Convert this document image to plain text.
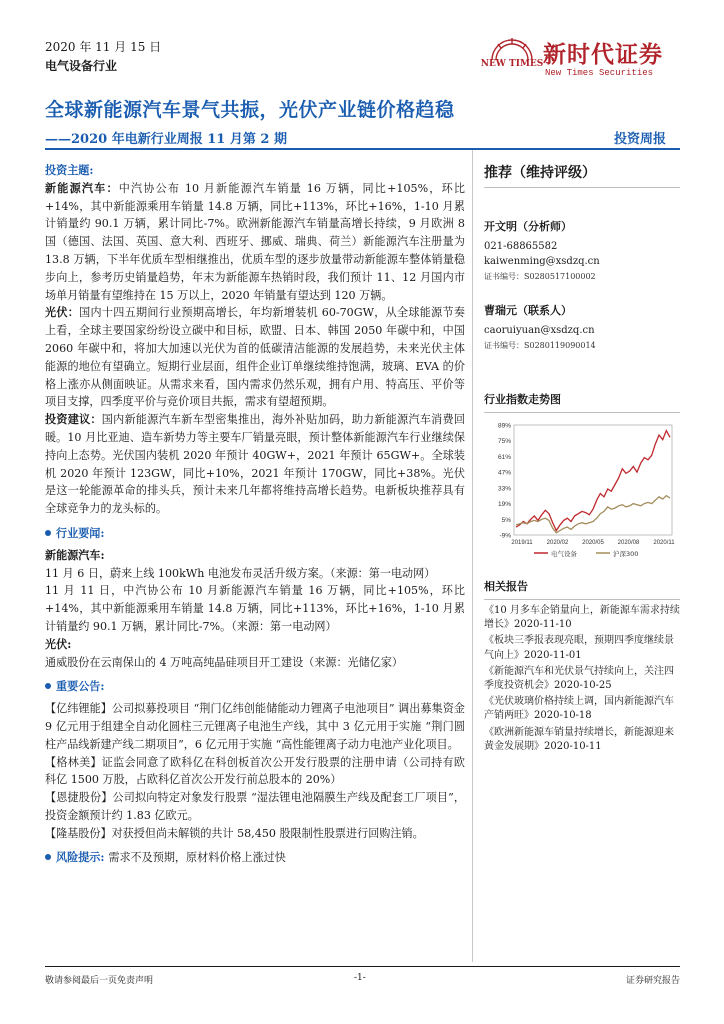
2020 年 11 月 15 日
电气设备行业	NEW TIMES 新时代证券
New Times Securities
全球新能源汽车景气共振，光伏产业链价格趋稳
——2020 年电新行业周报 11 月第 2 期	投资周报
投资主题:

新能源汽车：中汽协公布 10 月新能源汽车销量 16 万辆，同比+105%，环比+14%，其中新能源乘用车销量 14.8 万辆，同比+113%，环比+16%，1-10 月累计销量约 90.1 万辆，累计同比-7%。欧洲新能源汽车销量高增长持续，9 月欧洲 8 国（德国、法国、英国、意大利、西班牙、挪威、瑞典、荷兰）新能源汽车注册量为 13.8 万辆，下半年优质车型相继推出，优质车型的逐步放量带动新能源车整体销量稳步向上，参考历史销量趋势，年末为新能源车热销时段，我们预计 11、12 月国内市场单月销量有望维持在 15 万以上，2020 年销量有望达到 120 万辆。

光伏：国内十四五期间行业预期高增长，年均新增装机 60-70GW，从全球能源节奏上看，全球主要国家纷纷设立碳中和目标，欧盟、日本、韩国 2050 年碳中和，中国 2060 年碳中和，将加大加速以光伏为首的低碳清洁能源的发展趋势，未来光伏主体能源的地位有望确立。短期行业层面，组件企业订单继续维持饱满，玻璃、EVA 的价格上涨亦从侧面映证。从需求来看，国内需求仍然乐观，拥有户用、特高压、平价等项目支撑，四季度平价与竞价项目共振，需求有望超预期。

投资建议：国内新能源汽车新车型密集推出，海外补贴加码，助力新能源汽车消费回暖。10 月比亚迪、造车新势力等主要车厂销量亮眼，预计整体新能源汽车行业继续保持向上态势。光伏国内装机 2020 年预计 40GW+，2021 年预计 65GW+。全球装机 2020 年预计 123GW，同比+10%，2021 年预计 170GW，同比+38%。光伏是这一轮能源革命的排头兵，预计未来几年都将维持高增长趋势。电新板块推荐具有全球竞争力的龙头标的。

行业要闻:
新能源汽车:

11 月 6 日，蔚来上线 100kWh 电池发布灵活升级方案。（来源：第一电动网）

11 月 11 日，中汽协公布 10 月新能源汽车销量 16 万辆，同比+105%，环比+14%，其中新能源乘用车销量 14.8 万辆，同比+113%，环比+16%，1-10 月累计销量约 90.1 万辆，累计同比-7%。（来源：第一电动网）

光伏:

通威股份在云南保山的 4 万吨高纯晶硅项目开工建设（来源：光储亿家）

重要公告:

【亿纬锂能】公司拟募投项目 “荆门亿纬创能储能动力锂离子电池项目” 调出募集资金 9 亿元用于组建全自动化圆柱三元锂离子电池生产线，其中 3 亿元用于实施 “荆门圆柱产品线新建产线二期项目”，6 亿元用于实施 “高性能锂离子动力电池产业化项目。

【格林美】证监会同意了欧科亿在科创板首次公开发行股票的注册申请（公司持有欧科亿 1500 万股，占欧科亿首次公开发行前总股本的 20%）

【恩捷股份】公司拟向特定对象发行股票 “湿法锂电池隔膜生产线及配套工厂项目”，投资金额预计约 1.83 亿欧元。

【隆基股份】对获授但尚未解锁的共计 58,450 股限制性股票进行回购注销。

风险提示: 需求不及预期，原材料价格上涨过快
推荐（维持评级）
开文明（分析师）
021-68865582
kaiwenming@xsdzq.cn
证书编号：S0280517100002
曹瑞元（联系人）
caoruiyuan@xsdzq.cn
证书编号：S0280119090014
行业指数走势图
89%
75%
61%
47%
33%
19%
5%
-9%
2019/11 2020/02 2020/05 2020/08 2020/11
电气设备	沪深300
相关报告
《10 月多车企销量向上，新能源车需求持续增长》2020-11-10
《板块三季报表现亮眼，预期四季度继续景气向上》2020-11-01
《新能源汽车和光伏景气持续向上，关注四季度投资机会》2020-10-25
《光伏玻璃价格持续上调，国内新能源汽车产销两旺》2020-10-18
《欧洲新能源车销量持续增长，新能源迎来黄金发展期》2020-10-11
敬请参阅最后一页免责声明	-1-	证券研究报告
